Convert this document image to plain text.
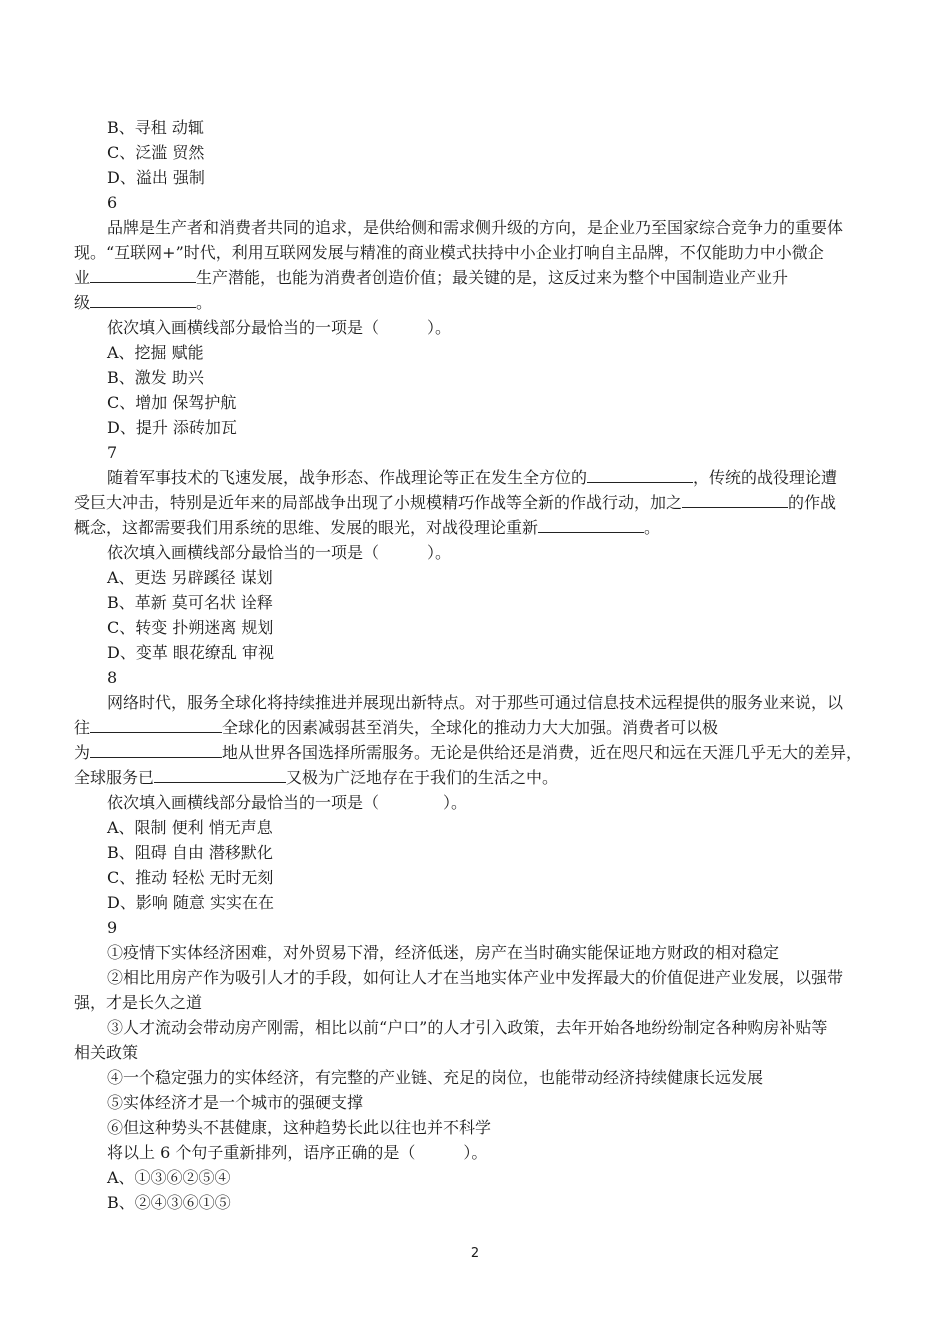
B、寻租 动辄
C、泛滥 贸然
D、溢出 强制
6
品牌是生产者和消费者共同的追求，是供给侧和需求侧升级的方向，是企业乃至国家综合竞争力的重要体
现。“互联网+”时代，利用互联网发展与精准的商业模式扶持中小企业打响自主品牌，不仅能助力中小微企
业	生产潜能，也能为消费者创造价值；最关键的是，这反过来为整个中国制造业产业升
级	。
依次填入画横线部分最恰当的一项是（　　　）。
A、挖掘 赋能
B、激发 助兴
C、增加 保驾护航
D、提升 添砖加瓦
7
随着军事技术的飞速发展，战争形态、作战理论等正在发生全方位的	，传统的战役理论遭
受巨大冲击，特别是近年来的局部战争出现了小规模精巧作战等全新的作战行动，加之	的作战
概念，这都需要我们用系统的思维、发展的眼光，对战役理论重新	。
依次填入画横线部分最恰当的一项是（　　　）。
A、更迭 另辟蹊径 谋划
B、革新 莫可名状 诠释
C、转变 扑朔迷离 规划
D、变革 眼花缭乱 审视
8
网络时代，服务全球化将持续推进并展现出新特点。对于那些可通过信息技术远程提供的服务业来说，以
往	全球化的因素减弱甚至消失，全球化的推动力大大加强。消费者可以极
为	地从世界各国选择所需服务。无论是供给还是消费，近在咫尺和远在天涯几乎无大的差异，
全球服务已	又极为广泛地存在于我们的生活之中。
依次填入画横线部分最恰当的一项是（　　　　）。
A、限制 便利 悄无声息
B、阻碍 自由 潜移默化
C、推动 轻松 无时无刻
D、影响 随意 实实在在
9
①疫情下实体经济困难，对外贸易下滑，经济低迷，房产在当时确实能保证地方财政的相对稳定
②相比用房产作为吸引人才的手段，如何让人才在当地实体产业中发挥最大的价值促进产业发展，以强带
强，才是长久之道
③人才流动会带动房产刚需，相比以前“户口”的人才引入政策，去年开始各地纷纷制定各种购房补贴等
相关政策
④一个稳定强力的实体经济，有完整的产业链、充足的岗位，也能带动经济持续健康长远发展
⑤实体经济才是一个城市的强硬支撑
⑥但这种势头不甚健康，这种趋势长此以往也并不科学
将以上 6 个句子重新排列，语序正确的是（　　　）。
A、①③⑥②⑤④
B、②④③⑥①⑤
2
